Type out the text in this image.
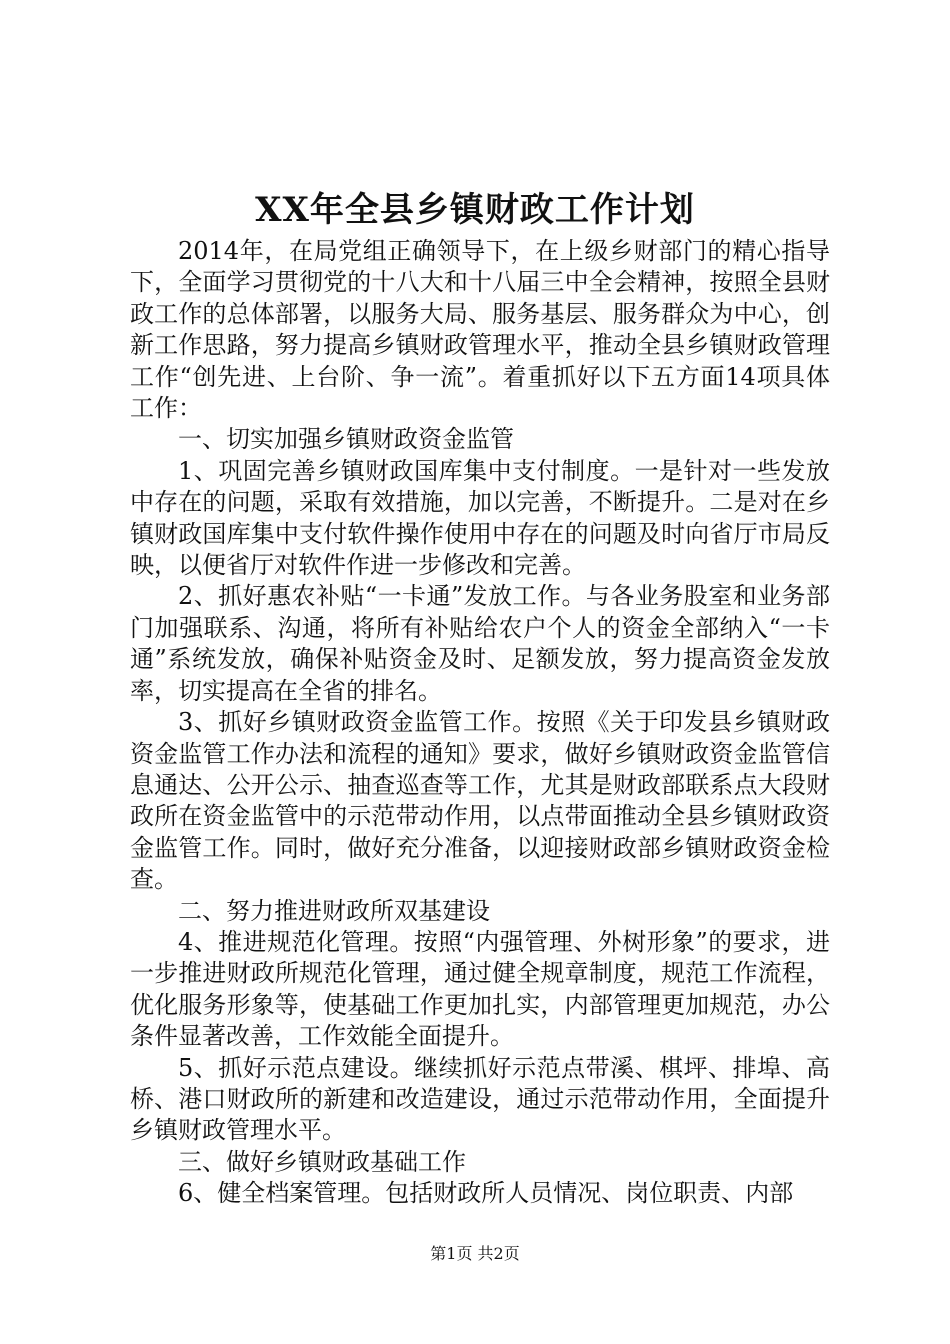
XX年全县乡镇财政工作计划

2014年，在局党组正确领导下，在上级乡财部门的精心指导下，全面学习贯彻党的十八大和十八届三中全会精神，按照全县财政工作的总体部署，以服务大局、服务基层、服务群众为中心，创新工作思路，努力提高乡镇财政管理水平，推动全县乡镇财政管理工作“创先进、上台阶、争一流”。着重抓好以下五方面14项具体工作：

一、切实加强乡镇财政资金监管

1、巩固完善乡镇财政国库集中支付制度。一是针对一些发放中存在的问题，采取有效措施，加以完善，不断提升。二是对在乡镇财政国库集中支付软件操作使用中存在的问题及时向省厅市局反映，以便省厅对软件作进一步修改和完善。

2、抓好惠农补贴“一卡通”发放工作。与各业务股室和业务部门加强联系、沟通，将所有补贴给农户个人的资金全部纳入“一卡通”系统发放，确保补贴资金及时、足额发放，努力提高资金发放率，切实提高在全省的排名。

3、抓好乡镇财政资金监管工作。按照《关于印发县乡镇财政资金监管工作办法和流程的通知》要求，做好乡镇财政资金监管信息通达、公开公示、抽查巡查等工作，尤其是财政部联系点大段财政所在资金监管中的示范带动作用，以点带面推动全县乡镇财政资金监管工作。同时，做好充分准备，以迎接财政部乡镇财政资金检查。

二、努力推进财政所双基建设

4、推进规范化管理。按照“内强管理、外树形象”的要求，进一步推进财政所规范化管理，通过健全规章制度，规范工作流程，优化服务形象等，使基础工作更加扎实，内部管理更加规范，办公条件显著改善，工作效能全面提升。

5、抓好示范点建设。继续抓好示范点带溪、棋坪、排埠、高桥、港口财政所的新建和改造建设，通过示范带动作用，全面提升乡镇财政管理水平。

三、做好乡镇财政基础工作

6、健全档案管理。包括财政所人员情况、岗位职责、内部

第1页 共2页
